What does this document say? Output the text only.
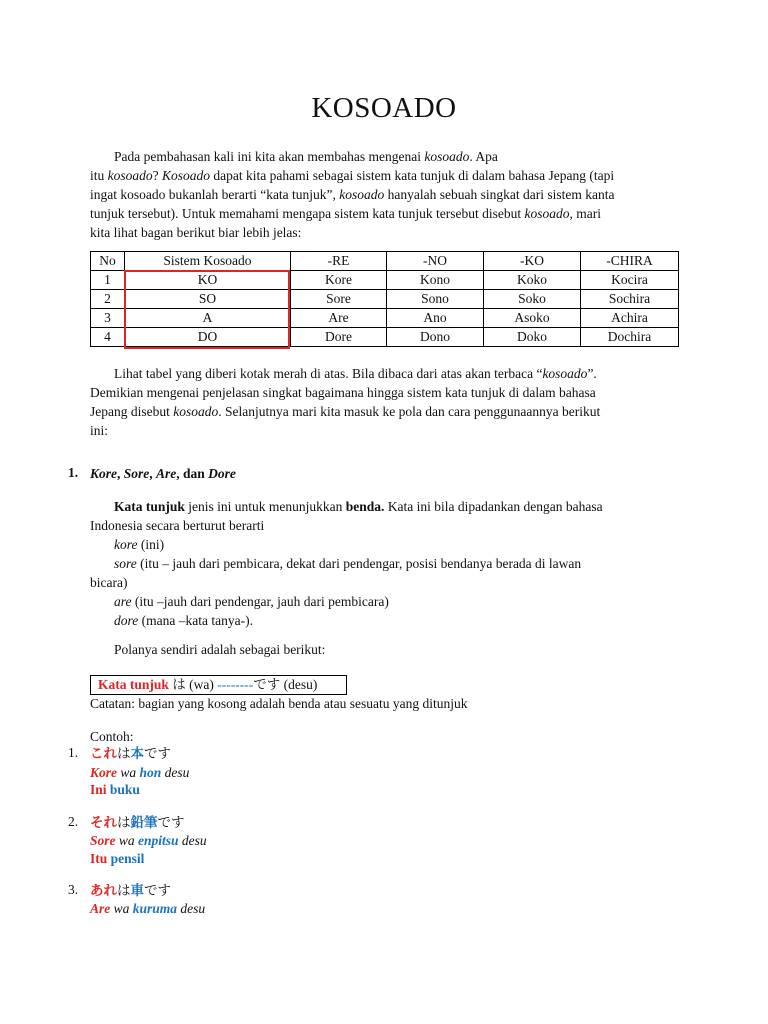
KOSOADO
Pada pembahasan kali ini kita akan membahas mengenai kosoado. Apa
itu kosoado? Kosoado dapat kita pahami sebagai sistem kata tunjuk di dalam bahasa Jepang (tapi
ingat kosoado bukanlah berarti “kata tunjuk”, kosoado hanyalah sebuah singkat dari sistem kanta
tunjuk tersebut). Untuk memahami mengapa sistem kata tunjuk tersebut disebut kosoado, mari
kita lihat bagan berikut biar lebih jelas:
No	Sistem Kosoado	-RE	-NO	-KO	-CHIRA
1	KO	Kore	Kono	Koko	Kocira
2	SO	Sore	Sono	Soko	Sochira
3	A	Are	Ano	Asoko	Achira
4	DO	Dore	Dono	Doko	Dochira
Lihat tabel yang diberi kotak merah di atas. Bila dibaca dari atas akan terbaca “kosoado”.
Demikian mengenai penjelasan singkat bagaimana hingga sistem kata tunjuk di dalam bahasa
Jepang disebut kosoado. Selanjutnya mari kita masuk ke pola dan cara penggunaannya berikut
ini:
1. Kore, Sore, Are, dan Dore
Kata tunjuk jenis ini untuk menunjukkan benda. Kata ini bila dipadankan dengan bahasa
Indonesia secara berturut berarti
kore (ini)
sore (itu – jauh dari pembicara, dekat dari pendengar, posisi bendanya berada di lawan
bicara)
are (itu –jauh dari pendengar, jauh dari pembicara)
dore (mana –kata tanya-).
Polanya sendiri adalah sebagai berikut:
Kata tunjuk は (wa) --------です (desu)
Catatan: bagian yang kosong adalah benda atau sesuatu yang ditunjuk
Contoh:
1. これは本です
Kore wa hon desu
Ini buku
2. それは鉛筆です
Sore wa enpitsu desu
Itu pensil
3. あれは車です
Are wa kuruma desu
